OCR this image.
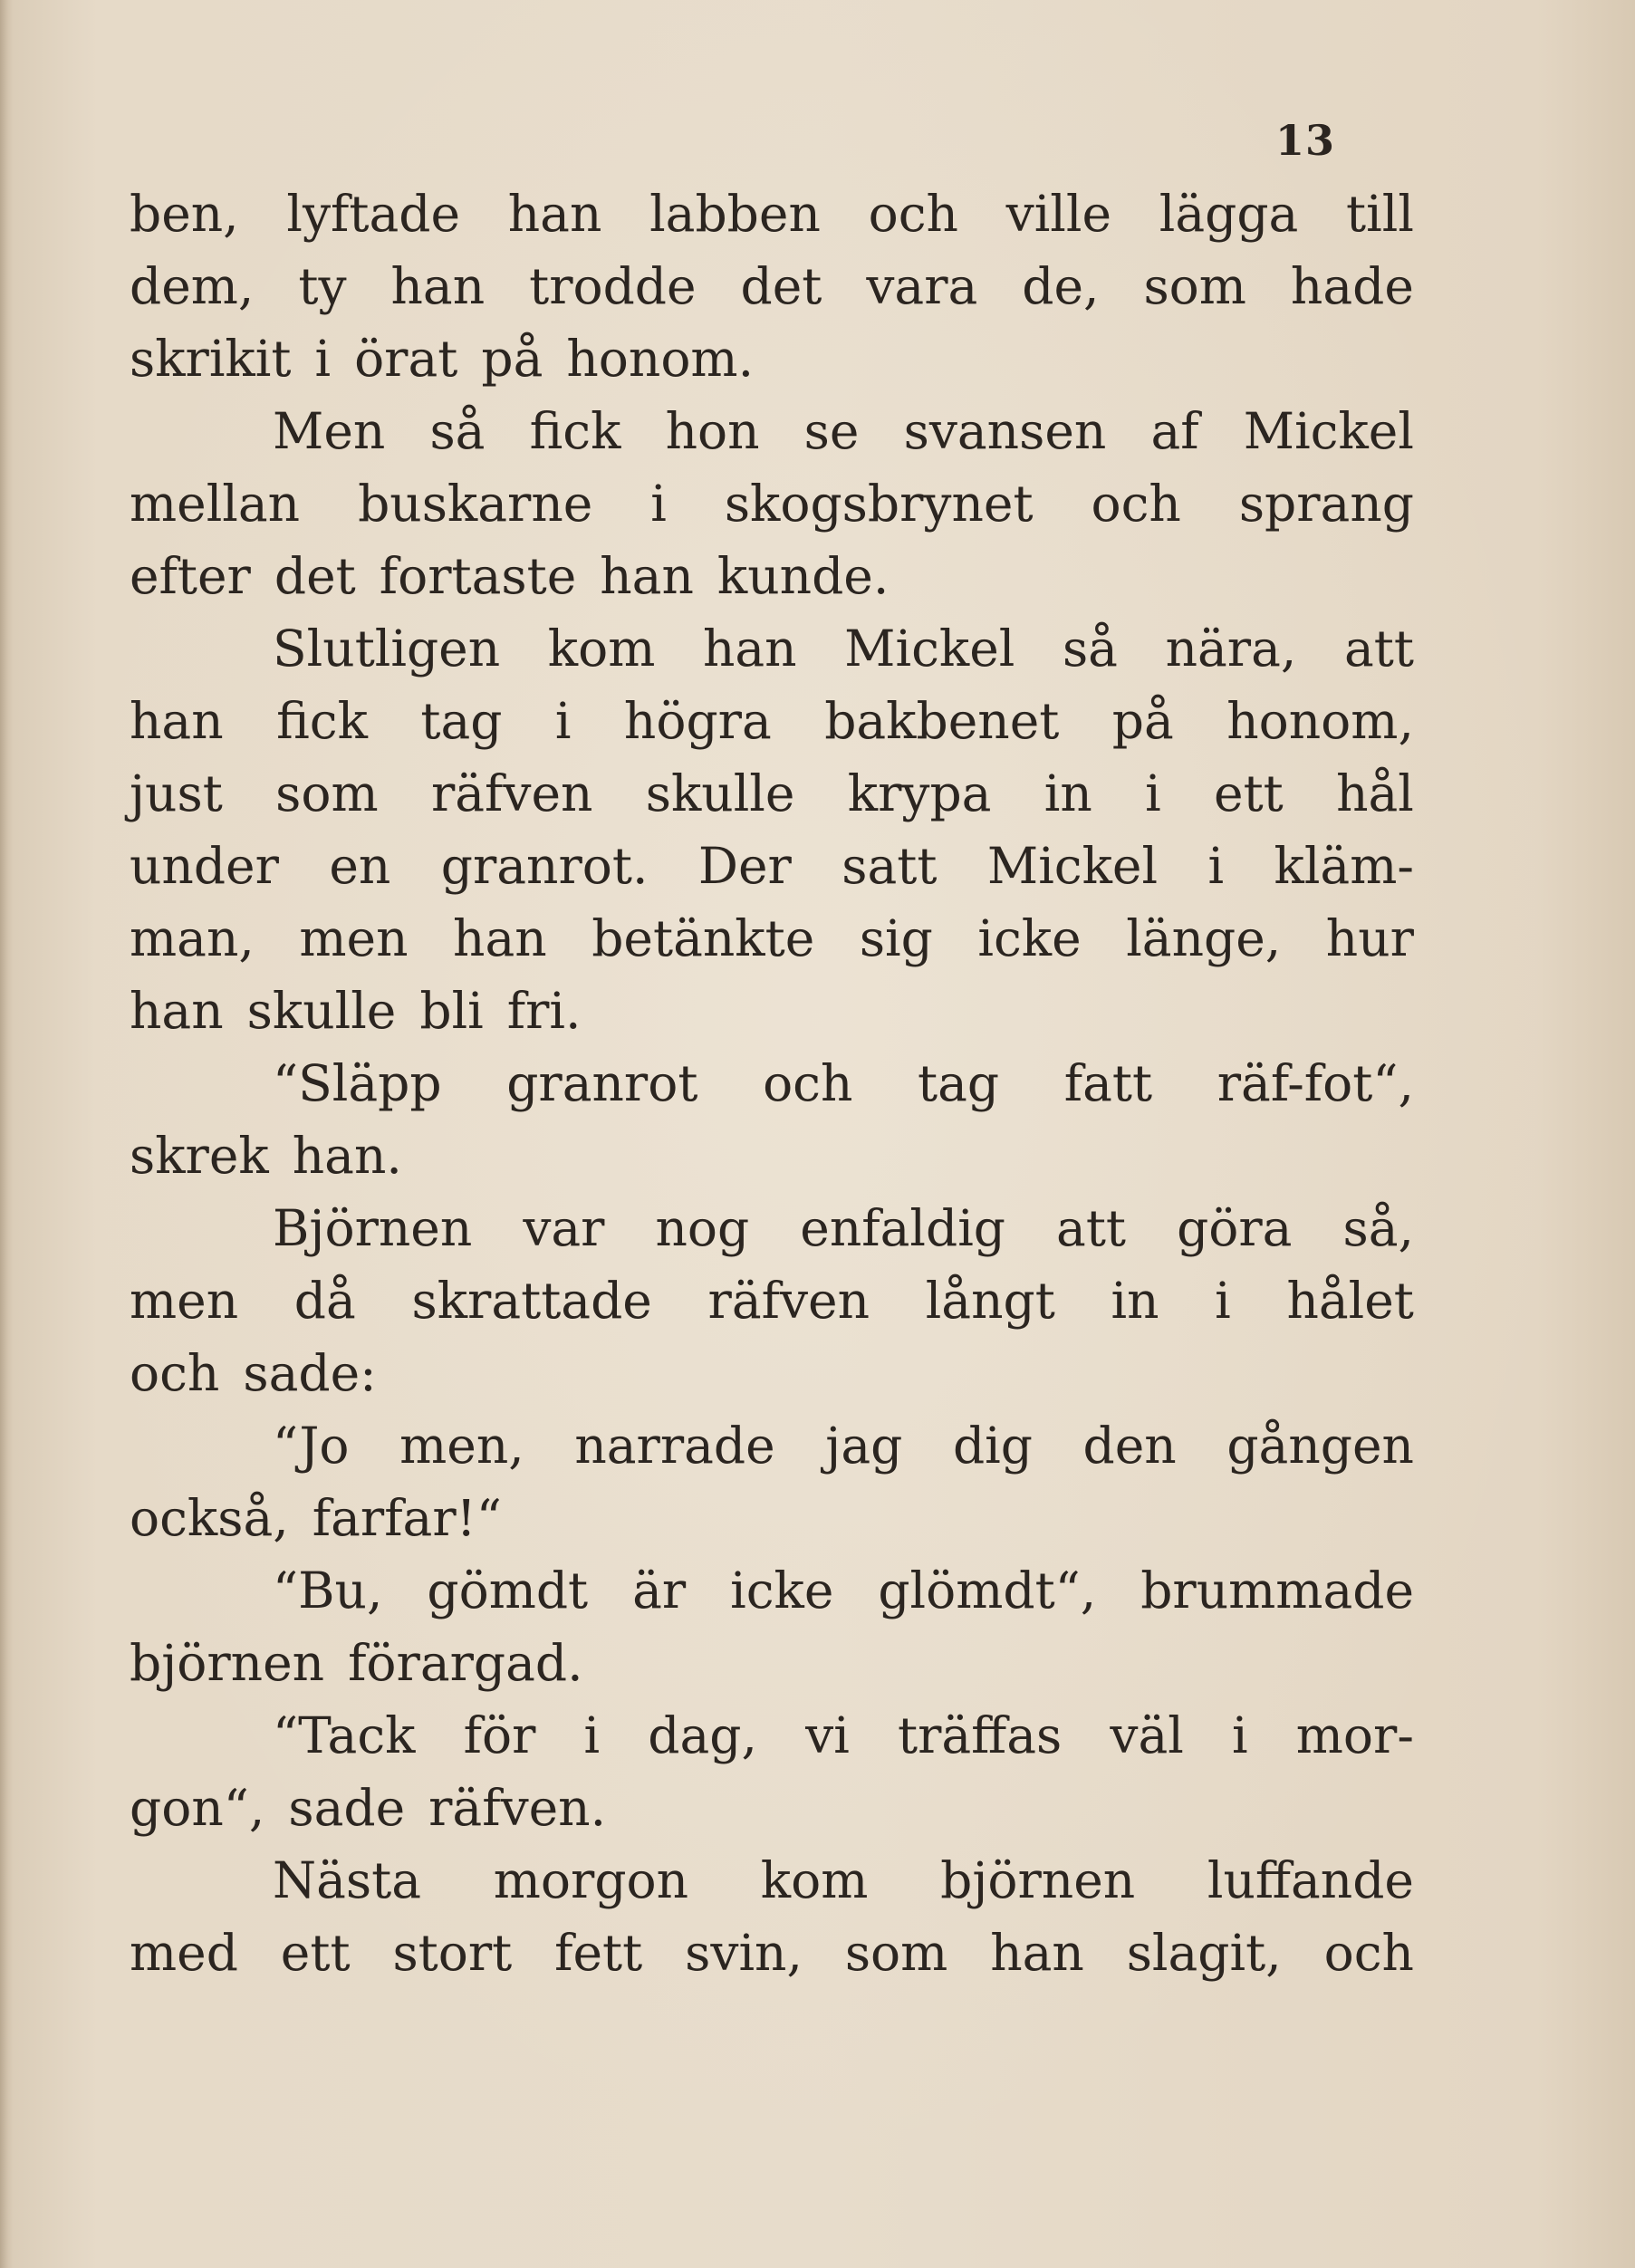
13
ben, lyftade han labben och ville lägga till
dem, ty han trodde det vara de, som hade
skrikit i örat på honom.
Men så fick hon se svansen af Mickel
mellan buskarne i skogsbrynet och sprang
efter det fortaste han kunde.
Slutligen kom han Mickel så nära, att
han fick tag i högra bakbenet på honom,
just som räfven skulle krypa in i ett hål
under en granrot. Der satt Mickel i kläm-
man, men han betänkte sig icke länge, hur
han skulle bli fri.
“Släpp granrot och tag fatt räf-fot“,
skrek han.
Björnen var nog enfaldig att göra så,
men då skrattade räfven långt in i hålet
och sade:
“Jo men, narrade jag dig den gången
också, farfar!“
“Bu, gömdt är icke glömdt“, brummade
björnen förargad.
“Tack för i dag, vi träffas väl i mor-
gon“, sade räfven.
Nästa morgon kom björnen luffande
med ett stort fett svin, som han slagit, och
